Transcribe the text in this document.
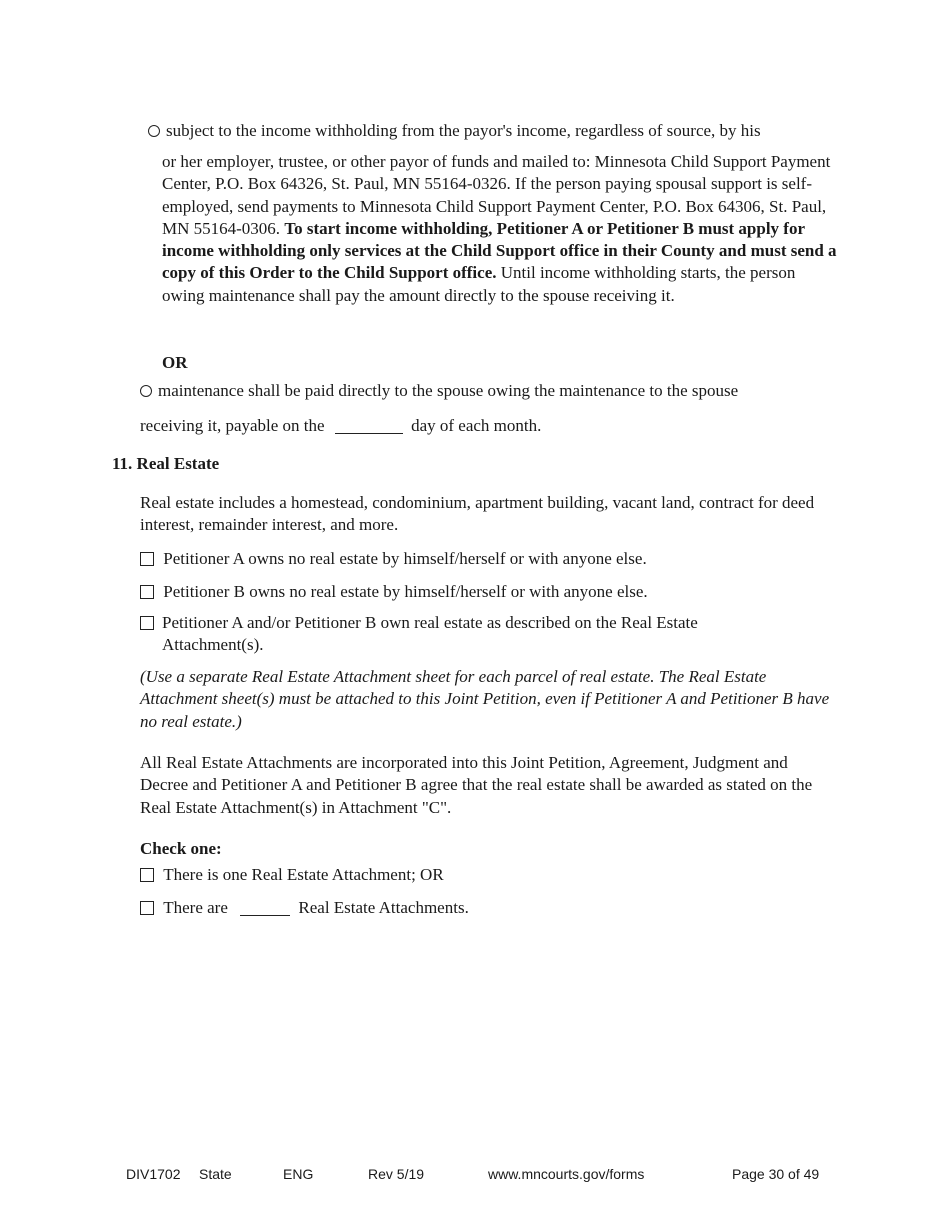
subject to the income withholding from the payor's income, regardless of source, by his
or her employer, trustee, or other payor of funds and mailed to: Minnesota Child Support Payment Center, P.O. Box 64326, St. Paul, MN 55164-0326. If the person paying spousal support is self-employed, send payments to Minnesota Child Support Payment Center, P.O. Box 64306, St. Paul, MN 55164-0306. To start income withholding, Petitioner A or Petitioner B must apply for income withholding only services at the Child Support office in their County and must send a copy of this Order to the Child Support office. Until income withholding starts, the person owing maintenance shall pay the amount directly to the spouse receiving it.
OR
maintenance shall be paid directly to the spouse owing the maintenance to the spouse
receiving it, payable on the	day of each month.
11. Real Estate
Real estate includes a homestead, condominium, apartment building, vacant land, contract for deed interest, remainder interest, and more.
Petitioner A owns no real estate by himself/herself or with anyone else.
Petitioner B owns no real estate by himself/herself or with anyone else.
Petitioner A and/or Petitioner B own real estate as described on the Real Estate Attachment(s).
(Use a separate Real Estate Attachment sheet for each parcel of real estate. The Real Estate Attachment sheet(s) must be attached to this Joint Petition, even if Petitioner A and Petitioner B have no real estate.)
All Real Estate Attachments are incorporated into this Joint Petition, Agreement, Judgment and Decree and Petitioner A and Petitioner B agree that the real estate shall be awarded as stated on the Real Estate Attachment(s) in Attachment "C".
Check one:
There is one Real Estate Attachment; OR
There are	Real Estate Attachments.
DIV1702 State	ENG	Rev 5/19	www.mncourts.gov/forms	Page 30 of 49
